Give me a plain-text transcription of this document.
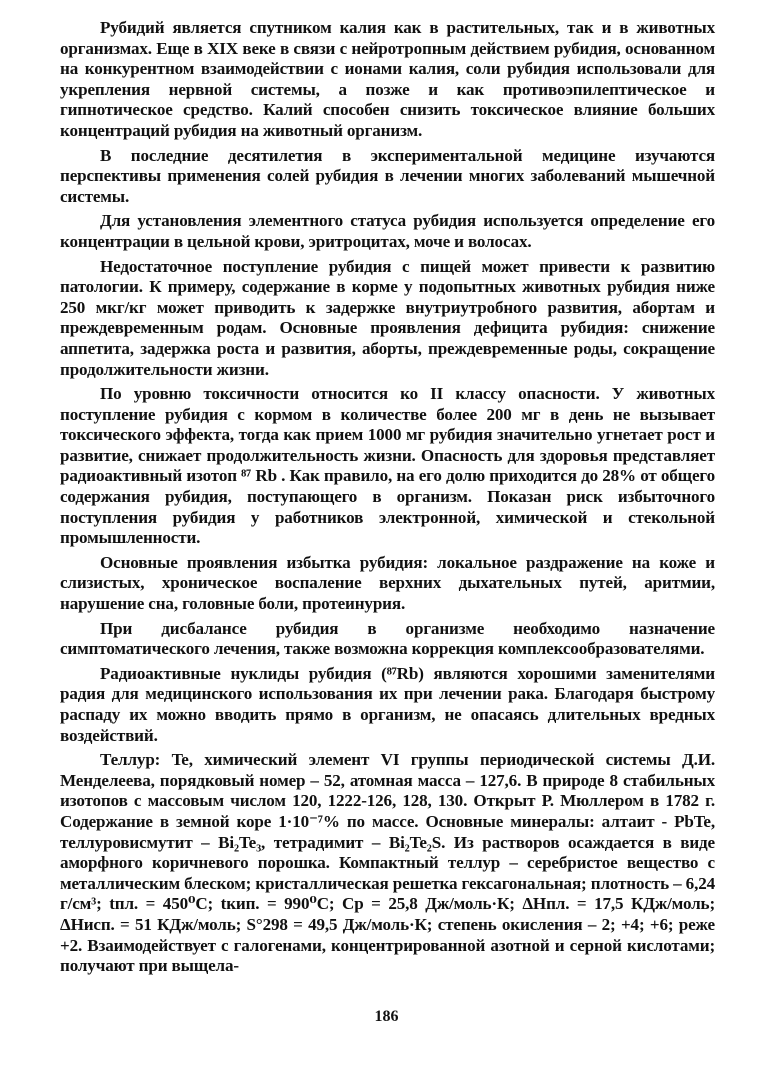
Рубидий является спутником калия как в растительных, так и в животных организмах. Еще в XIX веке в связи с нейротропным действием рубидия, основанном на конкурентном взаимодействии с ионами калия, соли рубидия использовали для укрепления нервной системы, а позже и как противоэпилептическое и гипнотическое средство. Калий способен снизить токсическое влияние больших концентраций рубидия на животный организм.

В последние десятилетия в экспериментальной медицине изучаются перспективы применения солей рубидия в лечении многих заболеваний мышечной системы.

Для установления элементного статуса рубидия используется определение его концентрации в цельной крови, эритроцитах, моче и волосах.

Недостаточное поступление рубидия с пищей может привести к развитию патологии. К примеру, содержание в корме у подопытных животных рубидия ниже 250 мкг/кг может приводить к задержке внутриутробного развития, абортам и преждевременным родам. Основные проявления дефицита рубидия: снижение аппетита, задержка роста и развития, аборты, преждевременные роды, сокращение продолжительности жизни.

По уровню токсичности относится ко II классу опасности. У животных поступление рубидия с кормом в количестве более 200 мг в день не вызывает токсического эффекта, тогда как прием 1000 мг рубидия значительно угнетает рост и развитие, снижает продолжительность жизни. Опасность для здоровья представляет радиоактивный изотоп ⁸⁷ Rb . Как правило, на его долю приходится до 28% от общего содержания рубидия, поступающего в организм. Показан риск избыточного поступления рубидия у работников электронной, химической и стекольной промышленности.

Основные проявления избытка рубидия: локальное раздражение на коже и слизистых, хроническое воспаление верхних дыхательных путей, аритмии, нарушение сна, головные боли, протеинурия.

При дисбалансе рубидия в организме необходимо назначение симптоматического лечения, также возможна коррекция комплексообразователями.

Радиоактивные нуклиды рубидия (⁸⁷Rb) являются хорошими заменителями радия для медицинского использования их при лечении рака. Благодаря быстрому распаду их можно вводить прямо в организм, не опасаясь длительных вредных воздействий.

Теллур: Te, химический элемент VI группы периодической системы Д.И. Менделеева, порядковый номер – 52, атомная масса – 127,6. В природе 8 стабильных изотопов с массовым числом 120, 1222-126, 128, 130. Открыт Р. Мюллером в 1782 г. Содержание в земной коре 1·10⁻⁷% по массе. Основные минералы: алтаит - PbTe, теллуровисмутит – Bi₂Te₃, тетрадимит – Bi₂Te₂S. Из растворов осаждается в виде аморфного коричневого порошка. Компактный теллур – серебристое вещество с металлическим блеском; кристаллическая решетка гексагональная; плотность – 6,24 г/см³; tпл. = 450⁰С; tкип. = 990⁰С; Сp = 25,8 Дж/моль·К; ΔHпл. = 17,5 КДж/моль; ΔHисп. = 51 КДж/моль; S°298 = 49,5 Дж/моль·К; степень окисления – 2; +4; +6; реже +2. Взаимодействует с галогенами, концентрированной азотной и серной кислотами; получают при выщела-

186
